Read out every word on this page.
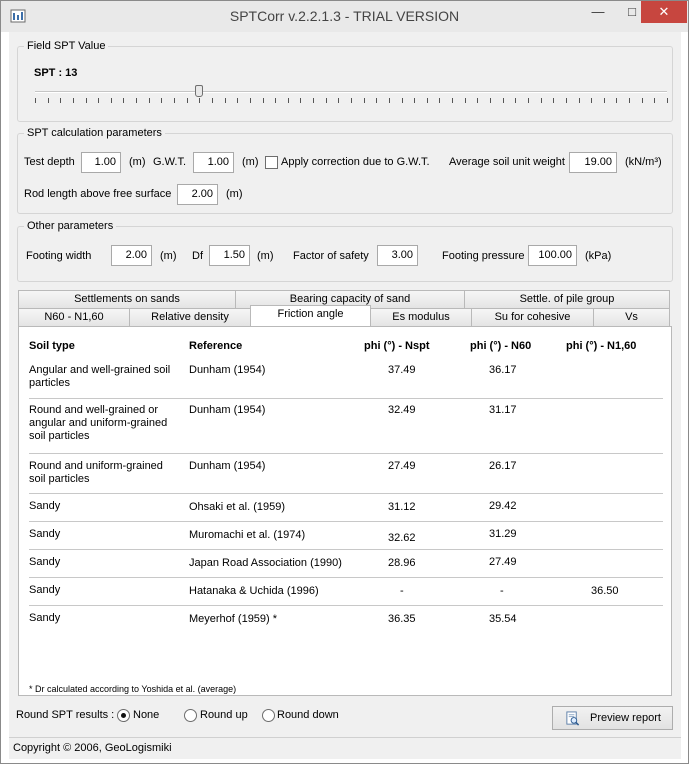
SPTCorr v.2.2.1.3 - TRIAL VERSION	—	□	✕
Field SPT Value
SPT : 13
SPT calculation parameters
Test depth	1.00	(m) G.W.T.	1.00	(m) Apply correction due to G.W.T. Average soil unit weight	19.00	(kN/m³)
Rod length above free surface	2.00	(m)
Other parameters
Footing width	2.00	(m) Df	1.50	(m) Factor of safety	3.00	Footing pressure	100.00	(kPa)
Settlements on sands	Bearing capacity of sand	Settle. of pile group
N60 - N1,60	Relative density	Friction angle	Es modulus	Su for cohesive	Vs
Soil type	Reference	phi (°) - Nspt	phi (°) - N60	phi (°) - N1,60
Angular and well-grained soil particles
Dunham (1954)	37.49	36.17
Round and well-grained or angular and uniform-grained soil particles
Dunham (1954)	32.49	31.17
Round and uniform-grained soil particles
Dunham (1954)	27.49	26.17
Sandy	Ohsaki et al. (1959)	31.12	29.42
Sandy	Muromachi et al. (1974)	32.62	31.29
Sandy	Japan Road Association (1990)	28.96	27.49
Sandy	Hatanaka & Uchida (1996)	-	-	36.50
Sandy	Meyerhof (1959) *	36.35	35.54
* Dr calculated according to Yoshida et al. (average)
Round SPT results : None	Round up	Round down	Preview report
Copyright © 2006, GeoLogismiki
